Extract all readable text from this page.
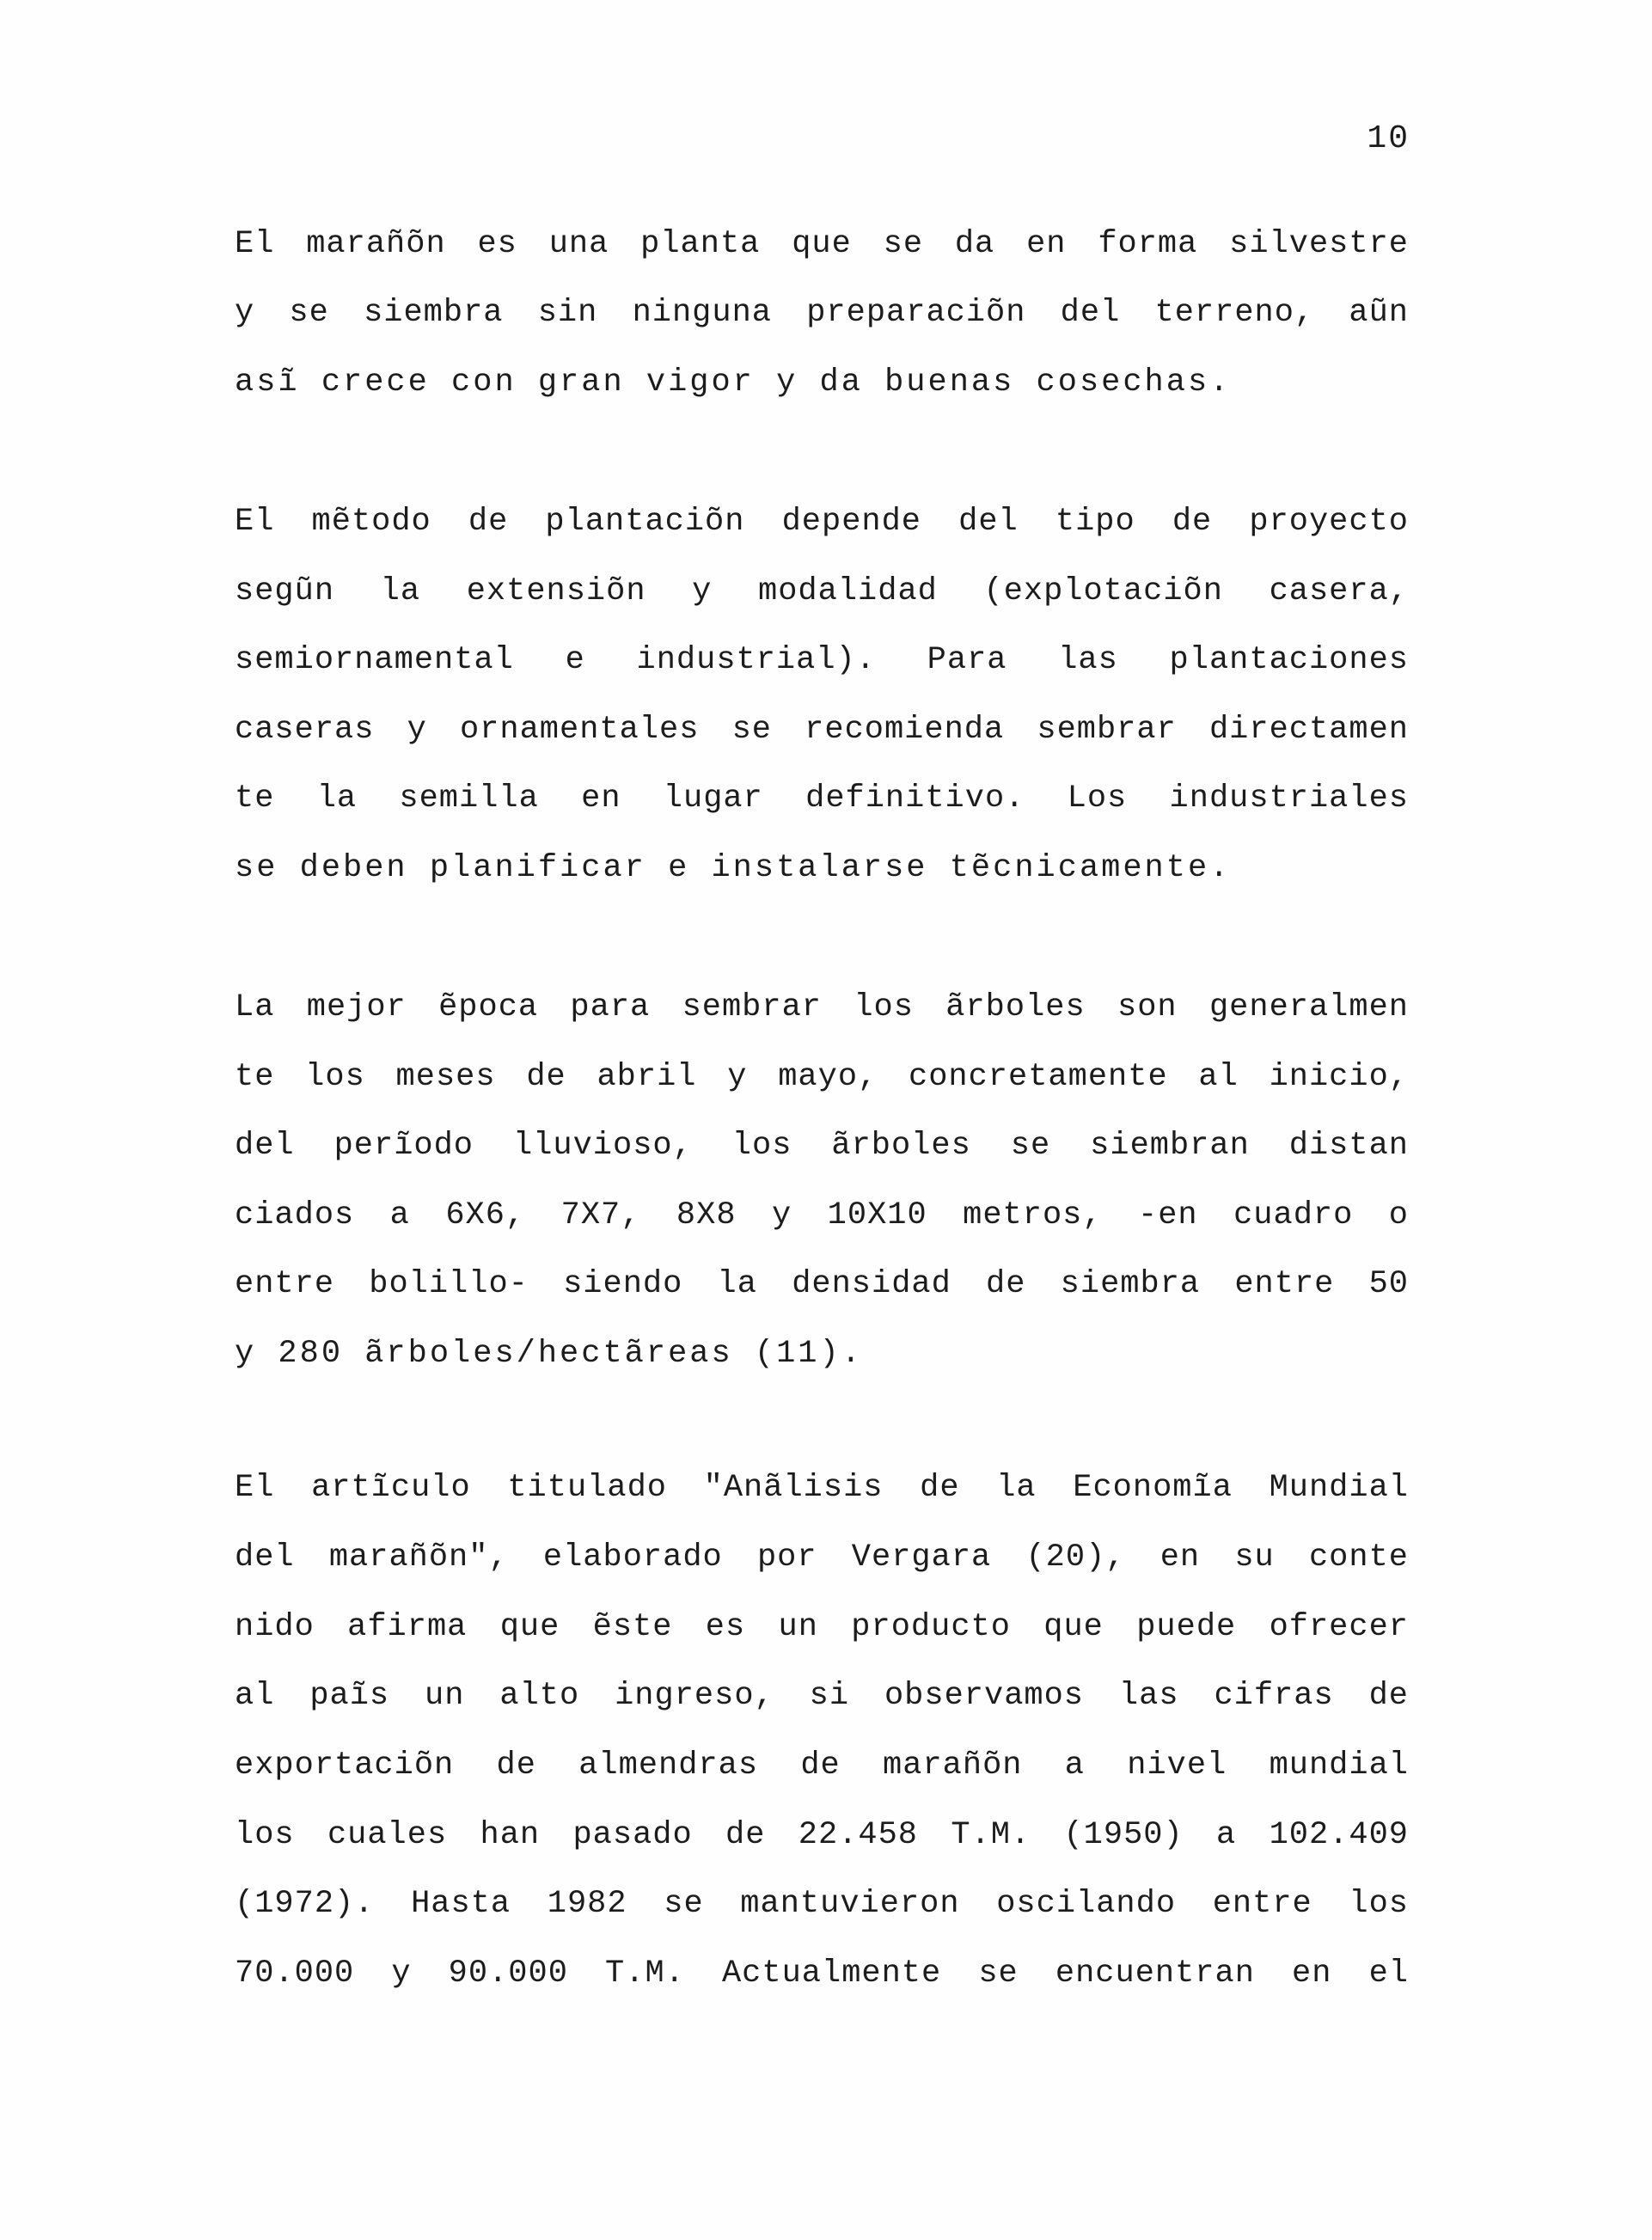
10
El marañõn es una planta que se da en forma silvestre
y se siembra sin ninguna preparaciõn del terreno, aũn
asĩ crece con gran vigor y da buenas cosechas.
El mẽtodo de plantaciõn depende del tipo de proyecto
segũn la extensiõn y modalidad (explotaciõn casera,
semiornamental e industrial). Para las plantaciones
caseras y ornamentales se recomienda sembrar directamen
te la semilla en lugar definitivo. Los industriales
se deben planificar e instalarse tẽcnicamente.
La mejor ẽpoca para sembrar los ãrboles son generalmen
te los meses de abril y mayo, concretamente al inicio,
del perĩodo lluvioso, los ãrboles se siembran distan
ciados a 6X6, 7X7, 8X8 y 10X10 metros, -en cuadro o
entre bolillo- siendo la densidad de siembra entre 50
y 280 ãrboles/hectãreas (11).
El artĩculo titulado "Anãlisis de la Economĩa Mundial
del marañõn", elaborado por Vergara (20), en su conte
nido afirma que ẽste es un producto que puede ofrecer
al paĩs un alto ingreso, si observamos las cifras de
exportaciõn de almendras de marañõn a nivel mundial
los cuales han pasado de 22.458 T.M. (1950) a 102.409
(1972). Hasta 1982 se mantuvieron oscilando entre los
70.000 y 90.000 T.M. Actualmente se encuentran en el
